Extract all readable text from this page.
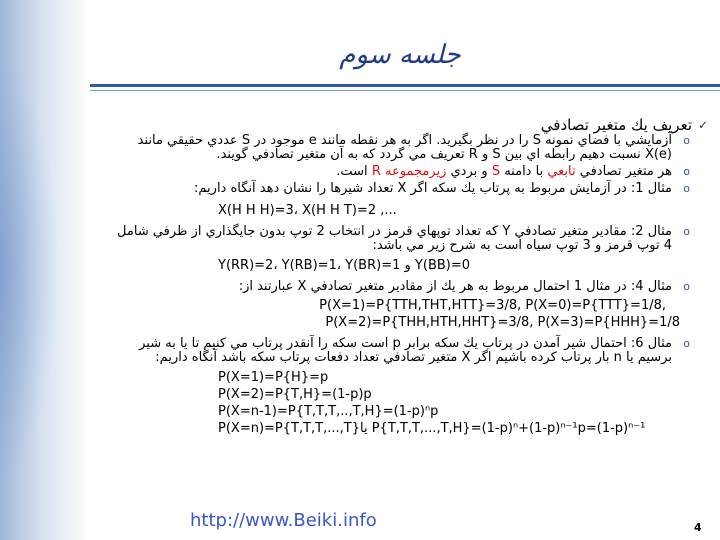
جلسه سوم
✓
تعريف يك متغير تصادفي
o
آزمايشي با فضاي نمونه S را در نظر بگيريد. اگر به هر نقطه مانند e موجود در S عددي حقيقي مانند X(e) نسبت دهيم رابطه اي بين S و R تعريف مي گردد كه به آن متغير تصادفي گويند.
o
هر متغير تصادفي تابعي با دامنه S و بردي زيرمجموعه R است.
o
مثال 1: در آزمايش مربوط به پرتاب يك سكه اگر X تعداد شيرها را نشان دهد آنگاه داريم:
X(H H H)=3، X(H H T)=2 ,...
o
مثال 2: مقادير متغير تصادفي Y كه تعداد توپهاي قرمز در انتخاب 2 توپ بدون جايگذاري از ظرفي شامل 4 توپ قرمز و 3 توپ سياه است به شرح زير مي باشد:
Y(RR)=2، Y(RB)=1، Y(BR)=1 و Y(BB)=0
o
مثال 4: در مثال 1 احتمال مربوط به هر يك از مقادير متغير تصادفي X عبارتند از:
P(X=1)=P{TTH,THT,HTT}=3/8, P(X=0)=P{TTT}=1/8,
P(X=2)=P{THH,HTH,HHT}=3/8, P(X=3)=P{HHH}=1/8
o
مثال 6: احتمال شير آمدن در پرتاب يك سكه برابر p است سكه را آنقدر پرتاب مي كنيم تا يا به شير برسيم يا n بار پرتاب كرده باشيم اگر X متغير تصادفي تعداد دفعات پرتاب سكه باشد آنگاه داريم:
P(X=1)=P{H}=p
P(X=2)=P{T,H}=(1-p)p
P(X=n-1)=P{T,T,T,..,T,H}=(1-p)ⁿp
P(X=n)=P{T,T,T,...,T}يا P{T,T,T,...,T,H}=(1-p)ⁿ+(1-p)ⁿ⁻¹p=(1-p)ⁿ⁻¹
http://www.Beiki.info	4
